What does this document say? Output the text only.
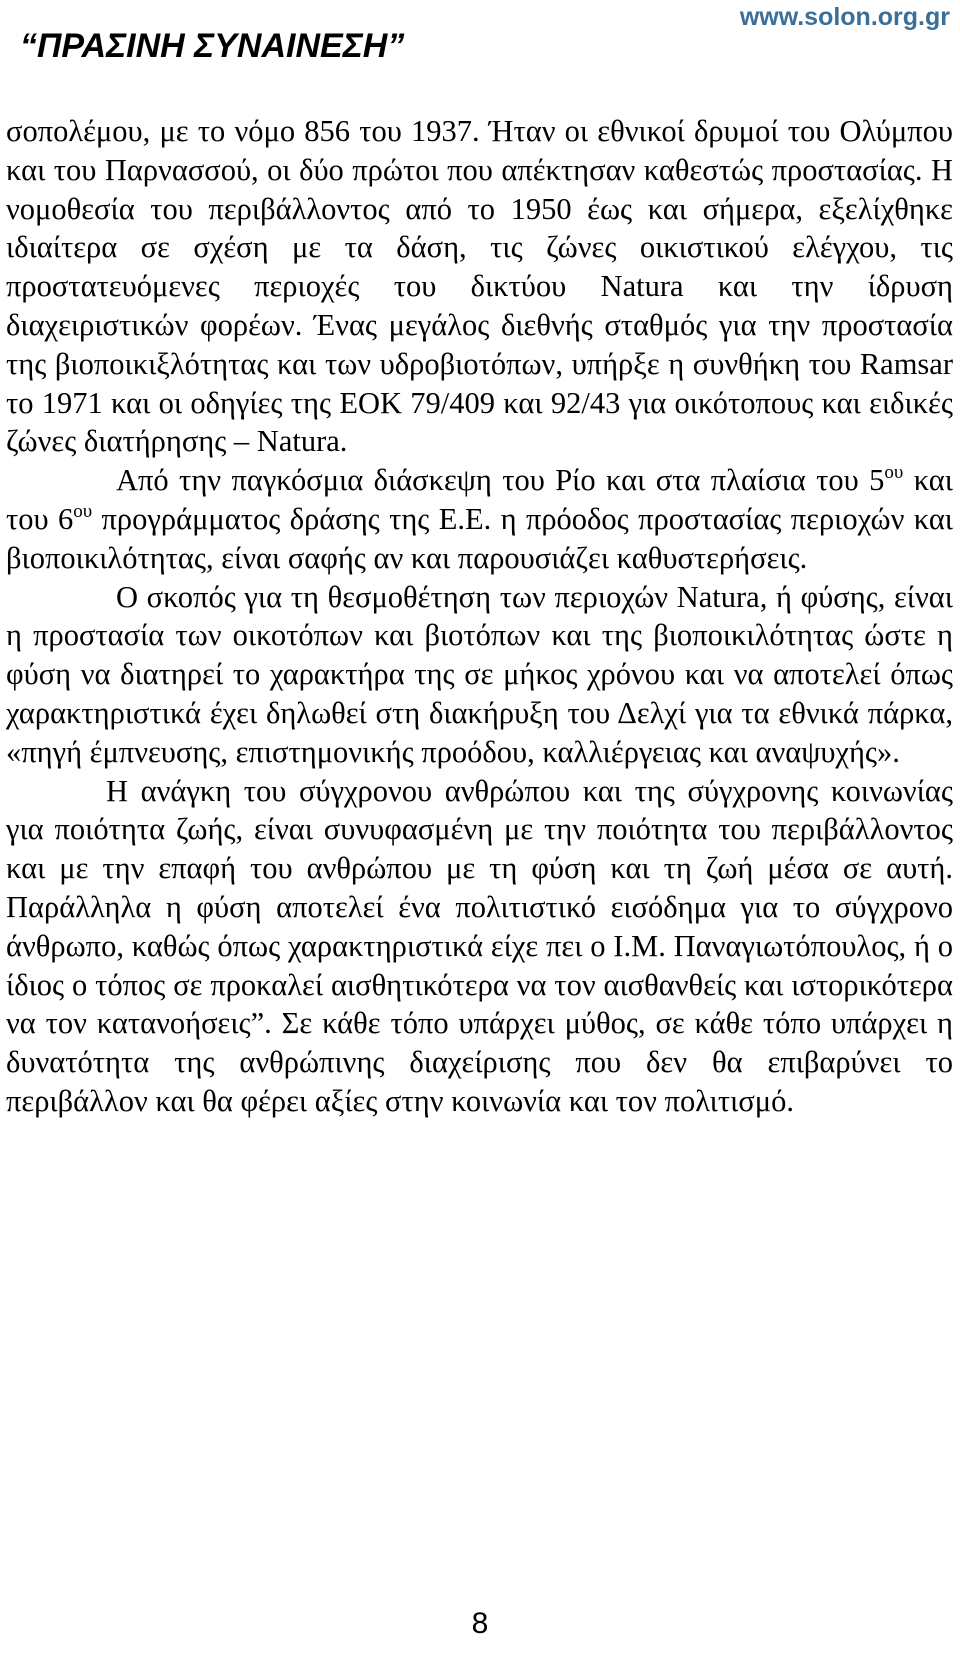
“ΠΡΑΣΙΝΗ ΣΥΝΑΙΝΕΣΗ”
www.solon.org.gr

σοπολέμου, με το νόμο 856 του 1937. Ήταν οι εθνικοί δρυμοί του Ολύμπου και του Παρνασσού, οι δύο πρώτοι που απέκτησαν καθεστώς προστασίας. Η νομοθεσία του περιβάλλοντος από το 1950 έως και σήμερα, εξελίχθηκε ιδιαίτερα σε σχέση με τα δάση, τις ζώνες οικιστικού ελέγχου, τις προστατευόμενες περιοχές του δικτύου Natura και την ίδρυση διαχειριστικών φορέων. Ένας μεγάλος διεθνής σταθμός για την προστασία της βιοποικιξλότητας και των υδροβιοτόπων, υπήρξε η συνθήκη του Ramsar το 1971 και οι οδηγίες της ΕΟΚ 79/409 και 92/43 για οικότοπους και ειδικές ζώνες διατήρησης – Natura.

Από την παγκόσμια διάσκεψη του Ρίο και στα πλαίσια του $5^{o\upsilon}$ και του $6^{o\upsilon}$ προγράμματος δράσης της Ε.Ε. η πρόοδος προστασίας περιοχών και βιοποικιλότητας, είναι σαφής αν και παρουσιάζει καθυστερήσεις.

Ο σκοπός για τη θεσμοθέτηση των περιοχών Natura, ή φύσης, είναι η προστασία των οικοτόπων και βιοτόπων και της βιοποικιλότητας ώστε η φύση να διατηρεί το χαρακτήρα της σε μήκος χρόνου και να αποτελεί όπως χαρακτηριστικά έχει δηλωθεί στη διακήρυξη του Δελχί για τα εθνικά πάρκα, «πηγή έμπνευσης, επιστημονικής προόδου, καλλιέργειας και αναψυχής».

Η ανάγκη του σύγχρονου ανθρώπου και της σύγχρονης κοινωνίας για ποιότητα ζωής, είναι συνυφασμένη με την ποιότητα του περιβάλλοντος και με την επαφή του ανθρώπου με τη φύση και τη ζωή μέσα σε αυτή. Παράλληλα η φύση αποτελεί ένα πολιτιστικό εισόδημα για το σύγχρονο άνθρωπο, καθώς όπως χαρακτηριστικά είχε πει ο Ι.Μ. Παναγιωτόπουλος, ή ο ίδιος ο τόπος σε προκαλεί αισθητικότερα να τον αισθανθείς και ιστορικότερα να τον κατανοήσεις”. Σε κάθε τόπο υπάρχει μύθος, σε κάθε τόπο υπάρχει η δυνατότητα της ανθρώπινης διαχείρισης που δεν θα επιβαρύνει το περιβάλλον και θα φέρει αξίες στην κοινωνία και τον πολιτισμό.

8
